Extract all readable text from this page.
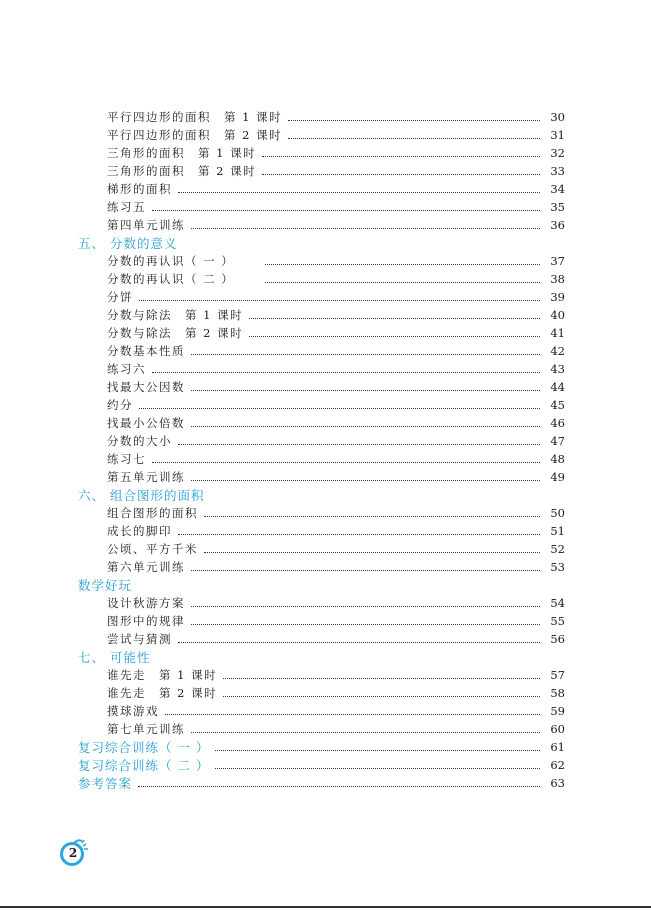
平行四边形的面积　第 1 课时	30
平行四边形的面积　第 2 课时	31
三角形的面积　第 1 课时	32
三角形的面积　第 2 课时	33
梯形的面积	34
练习五	35
第四单元训练	36
五、 分数的意义
分数的再认识（ 一 ）	37
分数的再认识（ 二 ）	38
分饼	39
分数与除法　第 1 课时	40
分数与除法　第 2 课时	41
分数基本性质	42
练习六	43
找最大公因数	44
约分	45
找最小公倍数	46
分数的大小	47
练习七	48
第五单元训练	49
六、 组合图形的面积
组合图形的面积	50
成长的脚印	51
公顷、平方千米	52
第六单元训练	53
数学好玩
设计秋游方案	54
图形中的规律	55
尝试与猜测	56
七、 可能性
谁先走　第 1 课时	57
谁先走　第 2 课时	58
摸球游戏	59
第七单元训练	60
复习综合训练（ 一 ）	61
复习综合训练（ 二 ）	62
参考答案	63
2
